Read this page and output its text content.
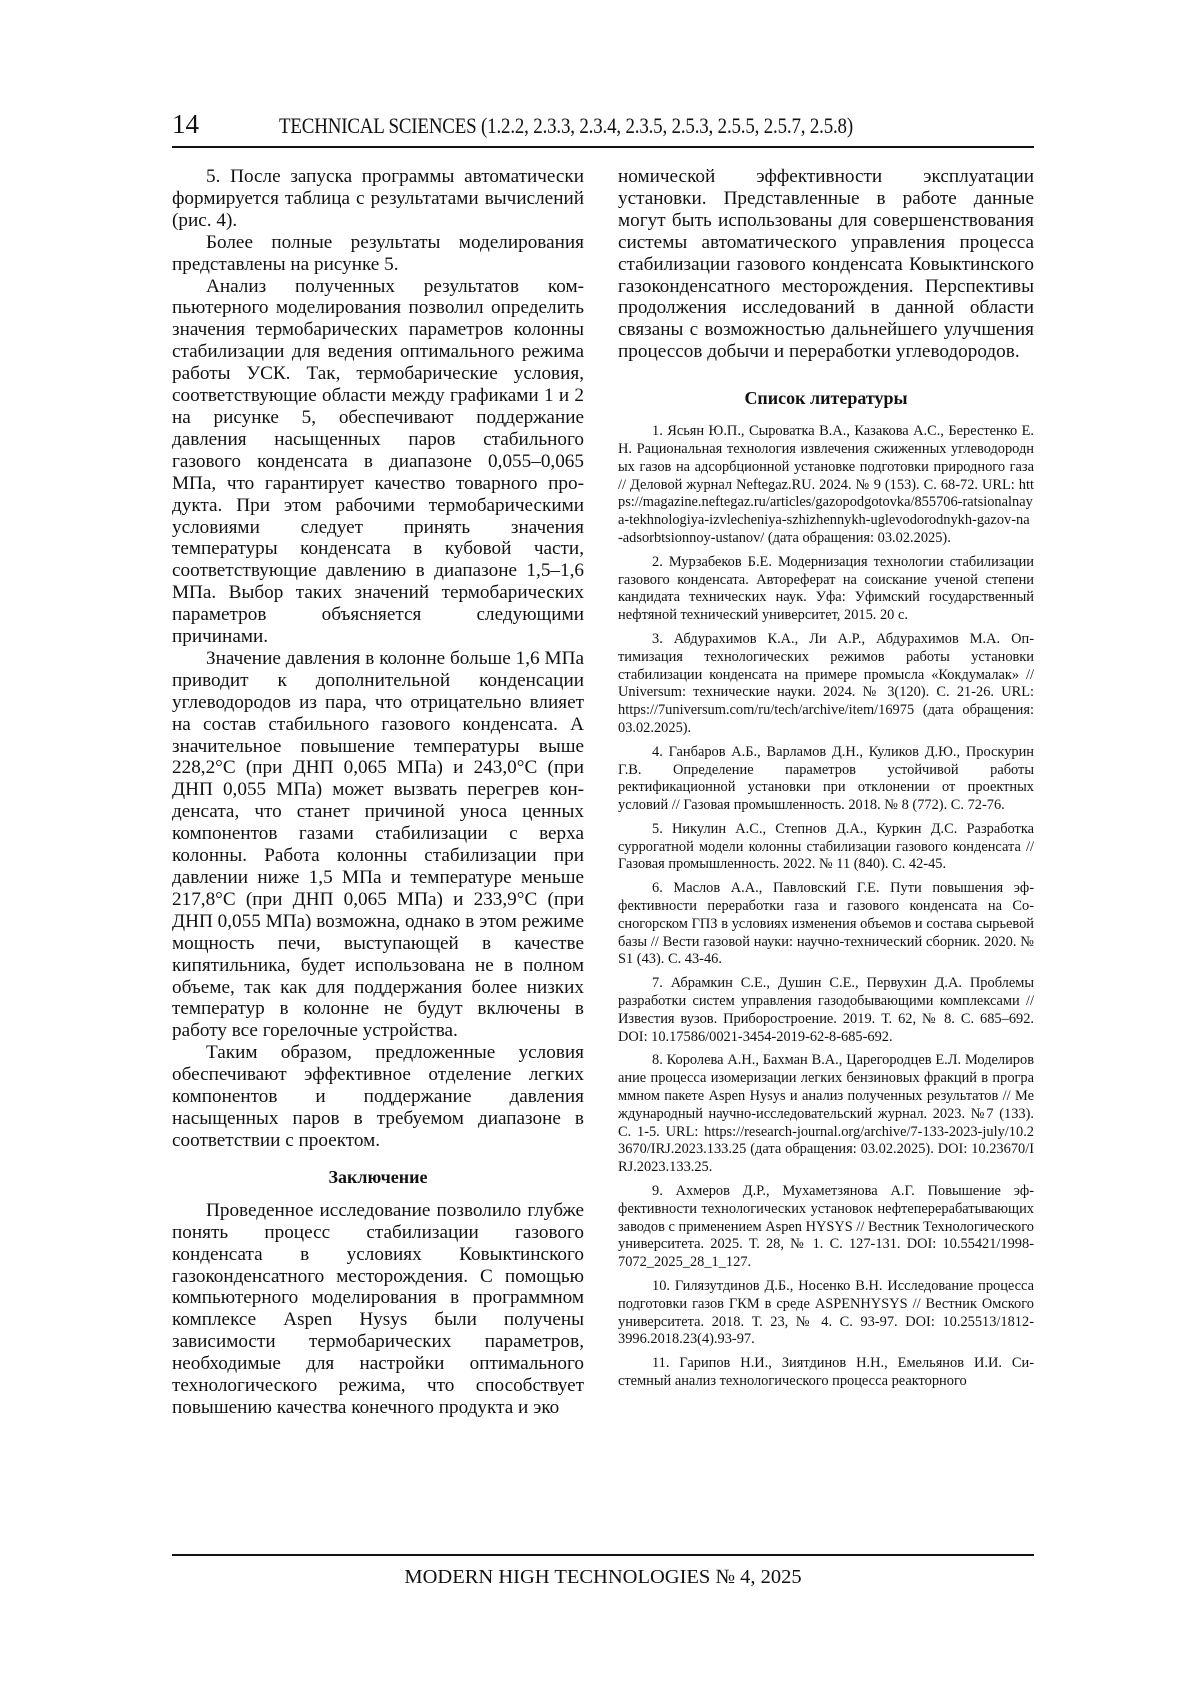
14	TECHNICAL SCIENCES (1.2.2, 2.3.3, 2.3.4, 2.3.5, 2.5.3, 2.5.5, 2.5.7, 2.5.8)

5. После запуска программы автоматически формируется таблица с результатами вычислений (рис. 4).

Более полные результаты моделирования представлены на рисунке 5.

Анализ полученных результатов компьютерного моделирования позволил определить значения термобарических параметров колонны стабилизации для ведения оптимального режима работы УСК. Так, термобарические условия, соответствующие области между графиками 1 и 2 на рисунке 5, обеспечивают поддержание давления насыщенных паров стабильного газового конденсата в диапазоне 0,055–0,065 МПа, что гарантирует качество товарного продукта. При этом рабочими термобарическими условиями следует принять значения температуры конденсата в кубовой части, соответствующие давлению в диапазоне 1,5–1,6 МПа. Выбор таких значений термобарических параметров объясняется следующими причинами.

Значение давления в колонне больше 1,6 МПа приводит к дополнительной конденсации углеводородов из пара, что отрицательно влияет на состав стабильного газового конденсата. А значительное повышение температуры выше 228,2°С (при ДНП 0,065 МПа) и 243,0°С (при ДНП 0,055 МПа) может вызвать перегрев конденсата, что станет причиной уноса ценных компонентов газами стабилизации с верха колонны. Работа колонны стабилизации при давлении ниже 1,5 МПа и температуре меньше 217,8°С (при ДНП 0,065 МПа) и 233,9°С (при ДНП 0,055 МПа) возможна, однако в этом режиме мощность печи, выступающей в качестве кипятильника, будет использована не в полном объеме, так как для поддержания более низких температур в колонне не будут включены в работу все горелочные устройства.

Таким образом, предложенные условия обеспечивают эффективное отделение легких компонентов и поддержание давления насыщенных паров в требуемом диапазоне в соответствии с проектом.

Заключение

Проведенное исследование позволило глубже понять процесс стабилизации газового конденсата в условиях Ковыктинского газоконденсатного месторождения. С помощью компьютерного моделирования в программном комплексе Aspen Hysys были получены зависимости термобарических параметров, необходимые для настройки оптимального технологического режима, что способствует повышению качества конечного продукта и эко

номической эффективности эксплуатации установки. Представленные в работе данные могут быть использованы для совершенствования системы автоматического управления процесса стабилизации газового конденсата Ковыктинского газоконденсатного месторождения. Перспективы продолжения исследований в данной области связаны с возможностью дальнейшего улучшения процессов добычи и переработки углеводородов.

Список литературы

1. Ясьян Ю.П., Сыроватка В.А., Казакова А.С., Берестенко Е.Н. Рациональная технология извлечения сжиженных углеводородных газов на адсорбционной установке подготовки природного газа // Деловой журнал Neftegaz.RU. 2024. № 9 (153). С. 68-72. URL: https://magazine.neftegaz.ru/articles/gazopodgotovka/855706-ratsionalnaya-tekhnologiya-izvlecheniya-szhizhennykh-uglevodorodnykh-gazov-na-adsorbtsionnoy-ustanov/ (дата обращения: 03.02.2025).

2. Мурзабеков Б.Е. Модернизация технологии стабилизации газового конденсата. Автореферат на соискание ученой степени кандидата технических наук. Уфа: Уфимский государственный нефтяной технический университет, 2015. 20 с.

3. Абдурахимов К.А., Ли А.Р., Абдурахимов М.А. Оптимизация технологических режимов работы установки стабилизации конденсата на примере промысла «Кокдумалак» // Universum: технические науки. 2024. № 3(120). С. 21-26. URL: https://7universum.com/ru/tech/archive/item/16975 (дата обращения: 03.02.2025).

4. Ганбаров А.Б., Варламов Д.Н., Куликов Д.Ю., Проскурин Г.В. Определение параметров устойчивой работы ректификационной установки при отклонении от проектных условий // Газовая промышленность. 2018. № 8 (772). С. 72-76.

5. Никулин А.С., Степнов Д.А., Куркин Д.С. Разработка суррогатной модели колонны стабилизации газового конденсата // Газовая промышленность. 2022. № 11 (840). С. 42-45.

6. Маслов А.А., Павловский Г.Е. Пути повышения эффективности переработки газа и газового конденсата на Сосногорском ГПЗ в условиях изменения объемов и состава сырьевой базы // Вести газовой науки: научно-технический сборник. 2020. № S1 (43). С. 43-46.

7. Абрамкин С.Е., Душин С.Е., Первухин Д.А. Проблемы разработки систем управления газодобывающими комплексами // Известия вузов. Приборостроение. 2019. Т. 62, № 8. С. 685–692. DOI: 10.17586/0021-3454-2019-62-8-685-692.

8. Королева А.Н., Бахман В.А., Царегородцев Е.Л. Моделирование процесса изомеризации легких бензиновых фракций в программном пакете Aspen Hysys и анализ полученных результатов // Международный научно-исследовательский журнал. 2023. №7 (133). С. 1-5. URL: https://research-journal.org/archive/7-133-2023-july/10.23670/IRJ.2023.133.25 (дата обращения: 03.02.2025). DOI: 10.23670/IRJ.2023.133.25.

9. Ахмеров Д.Р., Мухаметзянова А.Г. Повышение эффективности технологических установок нефтеперерабатывающих заводов с применением Aspen HYSYS // Вестник Технологического университета. 2025. Т. 28, № 1. С. 127-131. DOI: 10.55421/1998-7072_2025_28_1_127.

10. Гилязутдинов Д.Б., Носенко В.Н. Исследование процесса подготовки газов ГКМ в среде ASPENHYSYS // Вестник Омского университета. 2018. Т. 23, № 4. С. 93-97. DOI: 10.25513/1812-3996.2018.23(4).93-97.

11. Гарипов Н.И., Зиятдинов Н.Н., Емельянов И.И. Системный анализ технологического процесса реакторного

MODERN HIGH TECHNOLOGIES № 4, 2025
